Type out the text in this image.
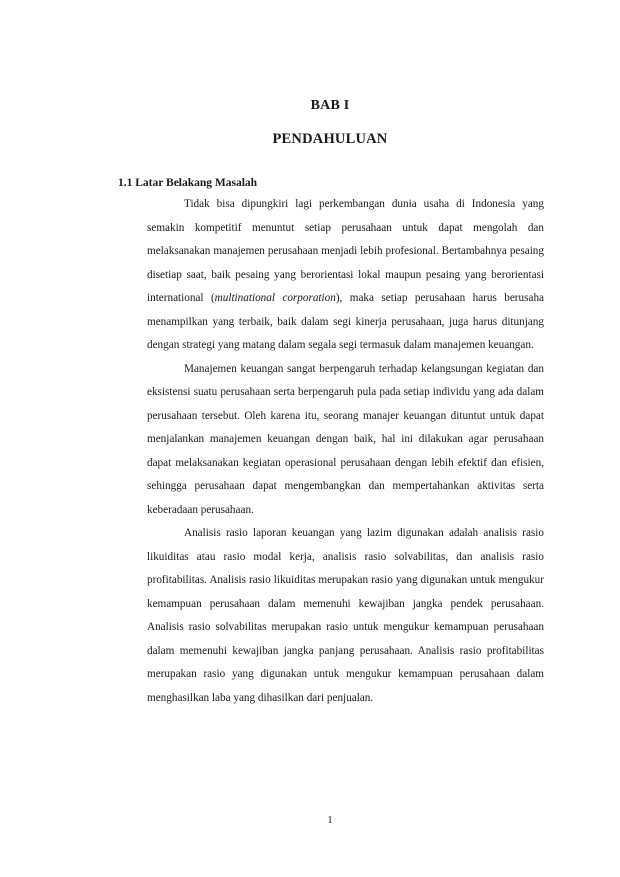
BAB I
PENDAHULUAN
1.1 Latar Belakang Masalah

Tidak bisa dipungkiri lagi perkembangan dunia usaha di Indonesia yang semakin kompetitif menuntut setiap perusahaan untuk dapat mengolah dan melaksanakan manajemen perusahaan menjadi lebih profesional. Bertambahnya pesaing disetiap saat, baik pesaing yang berorientasi lokal maupun pesaing yang berorientasi international (multinational corporation), maka setiap perusahaan harus berusaha menampilkan yang terbaik, baik dalam segi kinerja perusahaan, juga harus ditunjang dengan strategi yang matang dalam segala segi termasuk dalam manajemen keuangan.

Manajemen keuangan sangat berpengaruh terhadap kelangsungan kegiatan dan eksistensi suatu perusahaan serta berpengaruh pula pada setiap individu yang ada dalam perusahaan tersebut. Oleh karena itu, seorang manajer keuangan dituntut untuk dapat menjalankan manajemen keuangan dengan baik, hal ini dilakukan agar perusahaan dapat melaksanakan kegiatan operasional perusahaan dengan lebih efektif dan efisien, sehingga perusahaan dapat mengembangkan dan mempertahankan aktivitas serta keberadaan perusahaan.

Analisis rasio laporan keuangan yang lazim digunakan adalah analisis rasio likuiditas atau rasio modal kerja, analisis rasio solvabilitas, dan analisis rasio profitabilitas. Analisis rasio likuiditas merupakan rasio yang digunakan untuk mengukur kemampuan perusahaan dalam memenuhi kewajiban jangka pendek perusahaan. Analisis rasio solvabilitas merupakan rasio untuk mengukur kemampuan perusahaan dalam memenuhi kewajiban jangka panjang perusahaan. Analisis rasio profitabilitas merupakan rasio yang digunakan untuk mengukur kemampuan perusahaan dalam menghasilkan laba yang dihasilkan dari penjualan.

1
